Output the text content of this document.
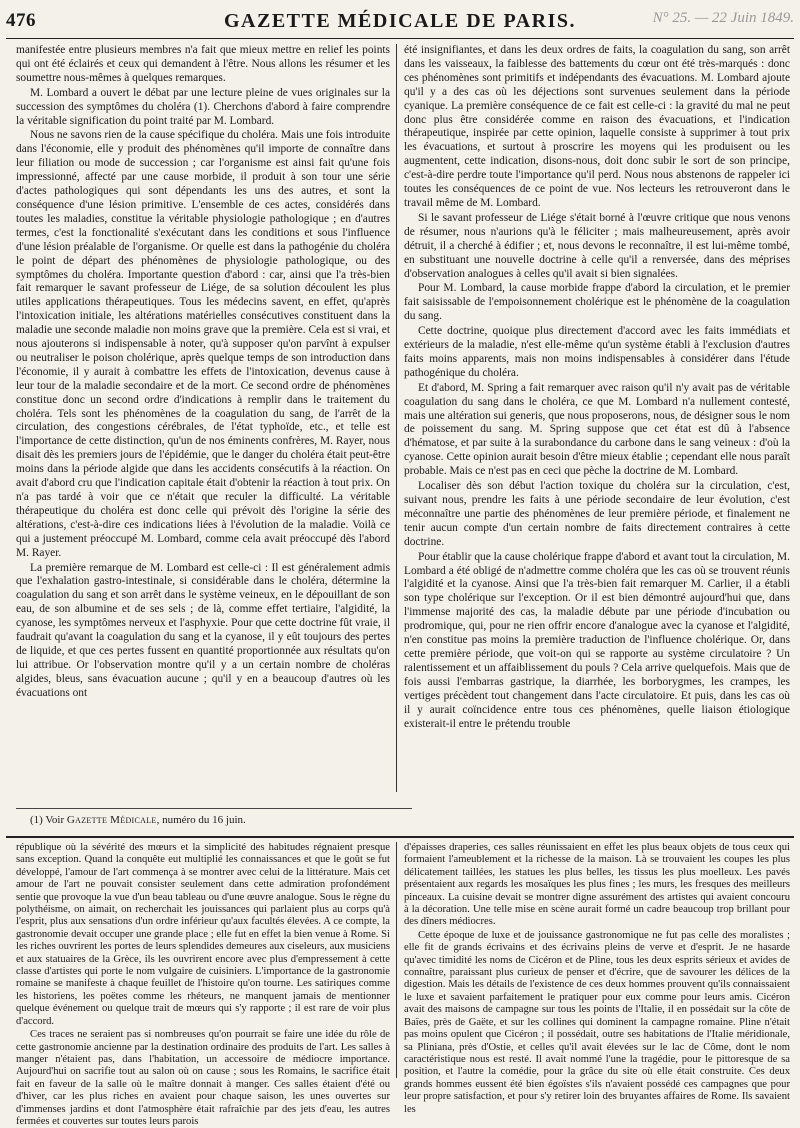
476	GAZETTE MÉDICALE DE PARIS.	N° 25. — 22 Juin 1849.

manifestée entre plusieurs membres n'a fait que mieux mettre en relief les points qui ont été éclairés et ceux qui demandent à l'être. Nous allons les résumer et les soumettre nous-mêmes à quelques remarques.

M. Lombard a ouvert le débat par une lecture pleine de vues originales sur la succession des symptômes du choléra (1). Cherchons d'abord à faire comprendre la véritable signification du point traité par M. Lombard.

Nous ne savons rien de la cause spécifique du choléra. Mais une fois introduite dans l'économie, elle y produit des phénomènes qu'il importe de connaître dans leur filiation ou mode de succession ; car l'organisme est ainsi fait qu'une fois impressionné, affecté par une cause morbide, il produit à son tour une série d'actes pathologiques qui sont dépendants les uns des autres, et sont la conséquence d'une lésion primitive. L'ensemble de ces actes, considérés dans toutes les maladies, constitue la véritable physiologie pathologique ; en d'autres termes, c'est la fonctionalité s'exécutant dans les conditions et sous l'influence d'une lésion préalable de l'organisme. Or quelle est dans la pathogénie du choléra le point de départ des phénomènes de physiologie pathologique, ou des symptômes du choléra. Importante question d'abord : car, ainsi que l'a très-bien fait remarquer le savant professeur de Liége, de sa solution découlent les plus utiles applications thérapeutiques. Tous les médecins savent, en effet, qu'après l'intoxication initiale, les altérations matérielles consécutives constituent dans la maladie une seconde maladie non moins grave que la première. Cela est si vrai, et nous ajouterons si indispensable à noter, qu'à supposer qu'on parvînt à expulser ou neutraliser le poison cholérique, après quelque temps de son introduction dans l'économie, il y aurait à combattre les effets de l'intoxication, devenus cause à leur tour de la maladie secondaire et de la mort. Ce second ordre de phénomènes constitue donc un second ordre d'indications à remplir dans le traitement du choléra. Tels sont les phénomènes de la coagulation du sang, de l'arrêt de la circulation, des congestions cérébrales, de l'état typhoïde, etc., et telle est l'importance de cette distinction, qu'un de nos éminents confrères, M. Rayer, nous disait dès les premiers jours de l'épidémie, que le danger du choléra était peut-être moins dans la période algide que dans les accidents consécutifs à la réaction. On avait d'abord cru que l'indication capitale était d'obtenir la réaction à tout prix. On n'a pas tardé à voir que ce n'était que reculer la difficulté. La véritable thérapeutique du choléra est donc celle qui prévoit dès l'origine la série des altérations, c'est-à-dire ces indications liées à l'évolution de la maladie. Voilà ce qui a justement préoccupé M. Lombard, comme cela avait préoccupé dès l'abord M. Rayer.

La première remarque de M. Lombard est celle-ci : Il est généralement admis que l'exhalation gastro-intestinale, si considérable dans le choléra, détermine la coagulation du sang et son arrêt dans le système veineux, en le dépouillant de son eau, de son albumine et de ses sels ; de là, comme effet tertiaire, l'algidité, la cyanose, les symptômes nerveux et l'asphyxie. Pour que cette doctrine fût vraie, il faudrait qu'avant la coagulation du sang et la cyanose, il y eût toujours des pertes de liquide, et que ces pertes fussent en quantité proportionnée aux résultats qu'on lui attribue. Or l'observation montre qu'il y a un certain nombre de choléras algides, bleus, sans évacuation aucune ; qu'il y en a beaucoup d'autres où les évacuations ont

été insignifiantes, et dans les deux ordres de faits, la coagulation du sang, son arrêt dans les vaisseaux, la faiblesse des battements du cœur ont été très-marqués : donc ces phénomènes sont primitifs et indépendants des évacuations. M. Lombard ajoute qu'il y a des cas où les déjections sont survenues seulement dans la période cyanique. La première conséquence de ce fait est celle-ci : la gravité du mal ne peut donc plus être considérée comme en raison des évacuations, et l'indication thérapeutique, inspirée par cette opinion, laquelle consiste à supprimer à tout prix les évacuations, et surtout à proscrire les moyens qui les produisent ou les augmentent, cette indication, disons-nous, doit donc subir le sort de son principe, c'est-à-dire perdre toute l'importance qu'il perd. Nous nous abstenons de rappeler ici toutes les conséquences de ce point de vue. Nos lecteurs les retrouveront dans le travail même de M. Lombard.

Si le savant professeur de Liége s'était borné à l'œuvre critique que nous venons de résumer, nous n'aurions qu'à le féliciter ; mais malheureusement, après avoir détruit, il a cherché à édifier ; et, nous devons le reconnaître, il est lui-même tombé, en substituant une nouvelle doctrine à celle qu'il a renversée, dans des méprises d'observation analogues à celles qu'il avait si bien signalées.

Pour M. Lombard, la cause morbide frappe d'abord la circulation, et le premier fait saisissable de l'empoisonnement cholérique est le phénomène de la coagulation du sang.

Cette doctrine, quoique plus directement d'accord avec les faits immédiats et extérieurs de la maladie, n'est elle-même qu'un système établi à l'exclusion d'autres faits moins apparents, mais non moins indispensables à considérer dans l'étude pathogénique du choléra.

Et d'abord, M. Spring a fait remarquer avec raison qu'il n'y avait pas de véritable coagulation du sang dans le choléra, ce que M. Lombard n'a nullement contesté, mais une altération sui generis, que nous proposerons, nous, de désigner sous le nom de poissement du sang. M. Spring suppose que cet état est dû à l'absence d'hématose, et par suite à la surabondance du carbone dans le sang veineux : d'où la cyanose. Cette opinion aurait besoin d'être mieux établie ; cependant elle nous paraît probable. Mais ce n'est pas en ceci que pèche la doctrine de M. Lombard.

Localiser dès son début l'action toxique du choléra sur la circulation, c'est, suivant nous, prendre les faits à une période secondaire de leur évolution, c'est méconnaître une partie des phénomènes de leur première période, et finalement ne tenir aucun compte d'un certain nombre de faits directement contraires à cette doctrine.

Pour établir que la cause cholérique frappe d'abord et avant tout la circulation, M. Lombard a été obligé de n'admettre comme choléra que les cas où se trouvent réunis l'algidité et la cyanose. Ainsi que l'a très-bien fait remarquer M. Carlier, il a établi son type cholérique sur l'exception. Or il est bien démontré aujourd'hui que, dans l'immense majorité des cas, la maladie débute par une période d'incubation ou prodromique, qui, pour ne rien offrir encore d'analogue avec la cyanose et l'algidité, n'en constitue pas moins la première traduction de l'influence cholérique. Or, dans cette première période, que voit-on qui se rapporte au système circulatoire ? Un ralentissement et un affaiblissement du pouls ? Cela arrive quelquefois. Mais que de fois aussi l'embarras gastrique, la diarrhée, les borborygmes, les crampes, les vertiges précèdent tout changement dans l'acte circulatoire. Et puis, dans les cas où il y aurait coïncidence entre tous ces phénomènes, quelle liaison étiologique existerait-il entre le prétendu trouble

(1) Voir Gazette Médicale, numéro du 16 juin.

république où la sévérité des mœurs et la simplicité des habitudes régnaient presque sans exception. Quand la conquête eut multiplié les connaissances et que le goût se fut développé, l'amour de l'art commença à se montrer avec celui de la littérature. Mais cet amour de l'art ne pouvait consister seulement dans cette admiration profondément sentie que provoque la vue d'un beau tableau ou d'une œuvre analogue. Sous le règne du polythéisme, on aimait, on recherchait les jouissances qui parlaient plus au corps qu'à l'esprit, plus aux sensations d'un ordre inférieur qu'aux facultés élevées. A ce compte, la gastronomie devait occuper une grande place ; elle fut en effet la bien venue à Rome. Si les riches ouvrirent les portes de leurs splendides demeures aux ciseleurs, aux musiciens et aux statuaires de la Grèce, ils les ouvrirent encore avec plus d'empressement à cette classe d'artistes qui porte le nom vulgaire de cuisiniers. L'importance de la gastronomie romaine se manifeste à chaque feuillet de l'histoire qu'on tourne. Les satiriques comme les historiens, les poëtes comme les rhéteurs, ne manquent jamais de mentionner quelque événement ou quelque trait de mœurs qui s'y rapporte ; il est rare de voir plus d'accord.

Ces traces ne seraient pas si nombreuses qu'on pourrait se faire une idée du rôle de cette gastronomie ancienne par la destination ordinaire des produits de l'art. Les salles à manger n'étaient pas, dans l'habitation, un accessoire de médiocre importance. Aujourd'hui on sacrifie tout au salon où on cause ; sous les Romains, le sacrifice était fait en faveur de la salle où le maître donnait à manger. Ces salles étaient d'été ou d'hiver, car les plus riches en avaient pour chaque saison, les unes ouvertes sur d'immenses jardins et dont l'atmosphère était rafraîchie par des jets d'eau, les autres fermées et couvertes sur toutes leurs parois

d'épaisses draperies, ces salles réunissaient en effet les plus beaux objets de tous ceux qui formaient l'ameublement et la richesse de la maison. Là se trouvaient les coupes les plus délicatement taillées, les statues les plus belles, les tissus les plus moelleux. Les pavés présentaient aux regards les mosaïques les plus fines ; les murs, les fresques des meilleurs pinceaux. La cuisine devait se montrer digne assurément des artistes qui avaient concouru à la décoration. Une telle mise en scène aurait formé un cadre beaucoup trop brillant pour des dîners médiocres.

Cette époque de luxe et de jouissance gastronomique ne fut pas celle des moralistes ; elle fit de grands écrivains et des écrivains pleins de verve et d'esprit. Je ne hasarde qu'avec timidité les noms de Cicéron et de Pline, tous les deux esprits sérieux et avides de connaître, paraissant plus curieux de penser et d'écrire, que de savourer les délices de la digestion. Mais les détails de l'existence de ces deux hommes prouvent qu'ils connaissaient le luxe et savaient parfaitement le pratiquer pour eux comme pour leurs amis. Cicéron avait des maisons de campagne sur tous les points de l'Italie, il en possédait sur la côte de Baïes, près de Gaëte, et sur les collines qui dominent la campagne romaine. Pline n'était pas moins opulent que Cicéron ; il possédait, outre ses habitations de l'Italie méridionale, sa Pliniana, près d'Ostie, et celles qu'il avait élevées sur le lac de Côme, dont le nom caractéristique nous est resté. Il avait nommé l'une la tragédie, pour le pittoresque de sa position, et l'autre la comédie, pour la grâce du site où elle était construite. Ces deux grands hommes eussent été bien égoïstes s'ils n'avaient possédé ces campagnes que pour leur propre satisfaction, et pour s'y retirer loin des bruyantes affaires de Rome. Ils savaient les
